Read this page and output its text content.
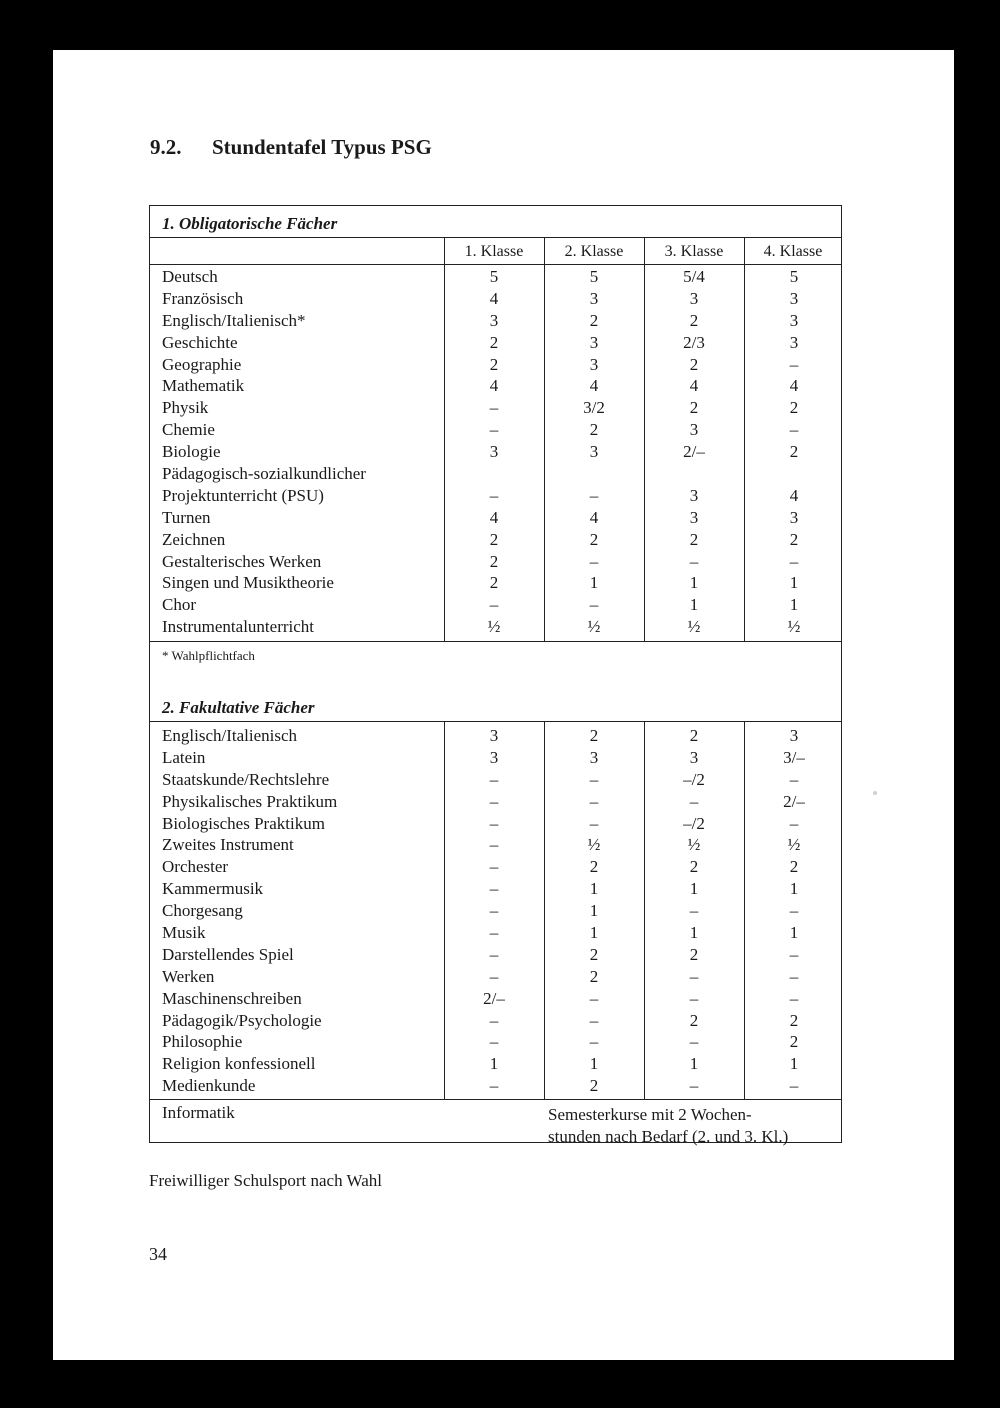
9.2. Stundentafel Typus PSG
1. Obligatorische Fächer
1. Klasse	2. Klasse	3. Klasse	4. Klasse
Deutsch	5	5	5/4	5
Französisch	4	3	3	3
Englisch/Italienisch*	3	2	2	3
Geschichte	2	3	2/3	3
Geographie	2	3	2	–
Mathematik	4	4	4	4
Physik	–	3/2	2	2
Chemie	–	2	3	–
Biologie	3	3	2/–	2
Pädagogisch-sozialkundlicher
Projektunterricht (PSU)	–	–	3	4
Turnen	4	4	3	3
Zeichnen	2	2	2	2
Gestalterisches Werken	2	–	–	–
Singen und Musiktheorie	2	1	1	1
Chor	–	–	1	1
Instrumentalunterricht	½	½	½	½
* Wahlpflichtfach
2. Fakultative Fächer
Englisch/Italienisch	3	2	2	3
Latein	3	3	3	3/–
Staatskunde/Rechtslehre	–	–	–/2	–
Physikalisches Praktikum	–	–	–	2/–
Biologisches Praktikum	–	–	–/2	–
Zweites Instrument	–	½	½	½
Orchester	–	2	2	2
Kammermusik	–	1	1	1
Chorgesang	–	1	–	–
Musik	–	1	1	1
Darstellendes Spiel	–	2	2	–
Werken	–	2	–	–
Maschinenschreiben	2/–	–	–	–
Pädagogik/Psychologie	–	–	2	2
Philosophie	–	–	–	2
Religion konfessionell	1	1	1	1
Medienkunde	–	2	–	–
Informatik	Semesterkurse mit 2 Wochen-
stunden nach Bedarf (2. und 3. Kl.)
Freiwilliger Schulsport nach Wahl
34
